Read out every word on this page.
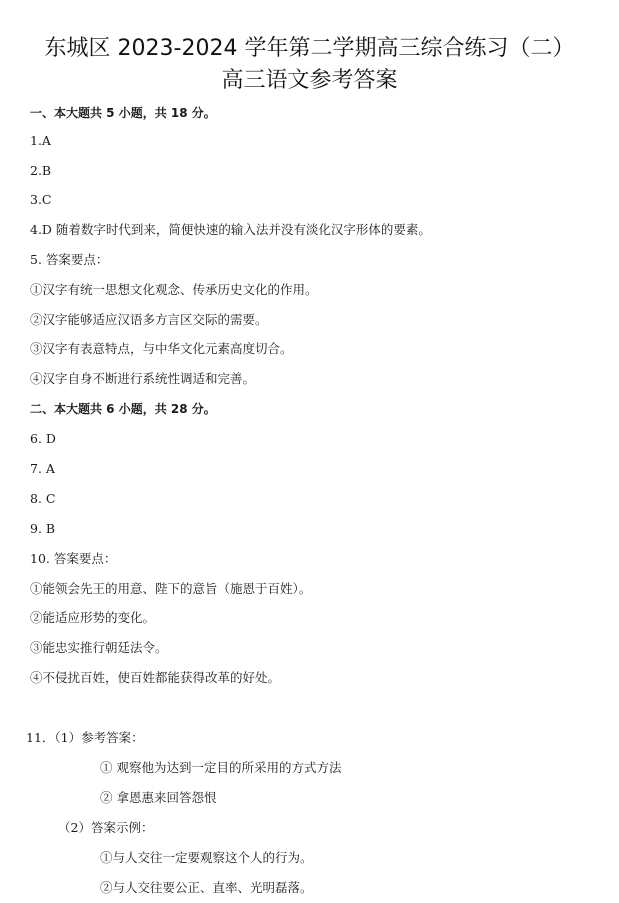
东城区 2023-2024 学年第二学期高三综合练习（二）
高三语文参考答案
一、本大题共 5 小题，共 18 分。
1.A
2.B
3.C
4.D 随着数字时代到来，简便快速的输入法并没有淡化汉字形体的要素。
5. 答案要点：
①汉字有统一思想文化观念、传承历史文化的作用。
②汉字能够适应汉语多方言区交际的需要。
③汉字有表意特点，与中华文化元素高度切合。
④汉字自身不断进行系统性调适和完善。
二、本大题共 6 小题，共 28 分。
6. D
7. A
8. C
9. B
10. 答案要点：
①能领会先王的用意、陛下的意旨（施恩于百姓）。
②能适应形势的变化。
③能忠实推行朝廷法令。
④不侵扰百姓，使百姓都能获得改革的好处。
11．（1）参考答案：
① 观察他为达到一定目的所采用的方式方法
② 拿恩惠来回答怨恨
（2）答案示例：
①与人交往一定要观察这个人的行为。
②与人交往要公正、直率、光明磊落。
